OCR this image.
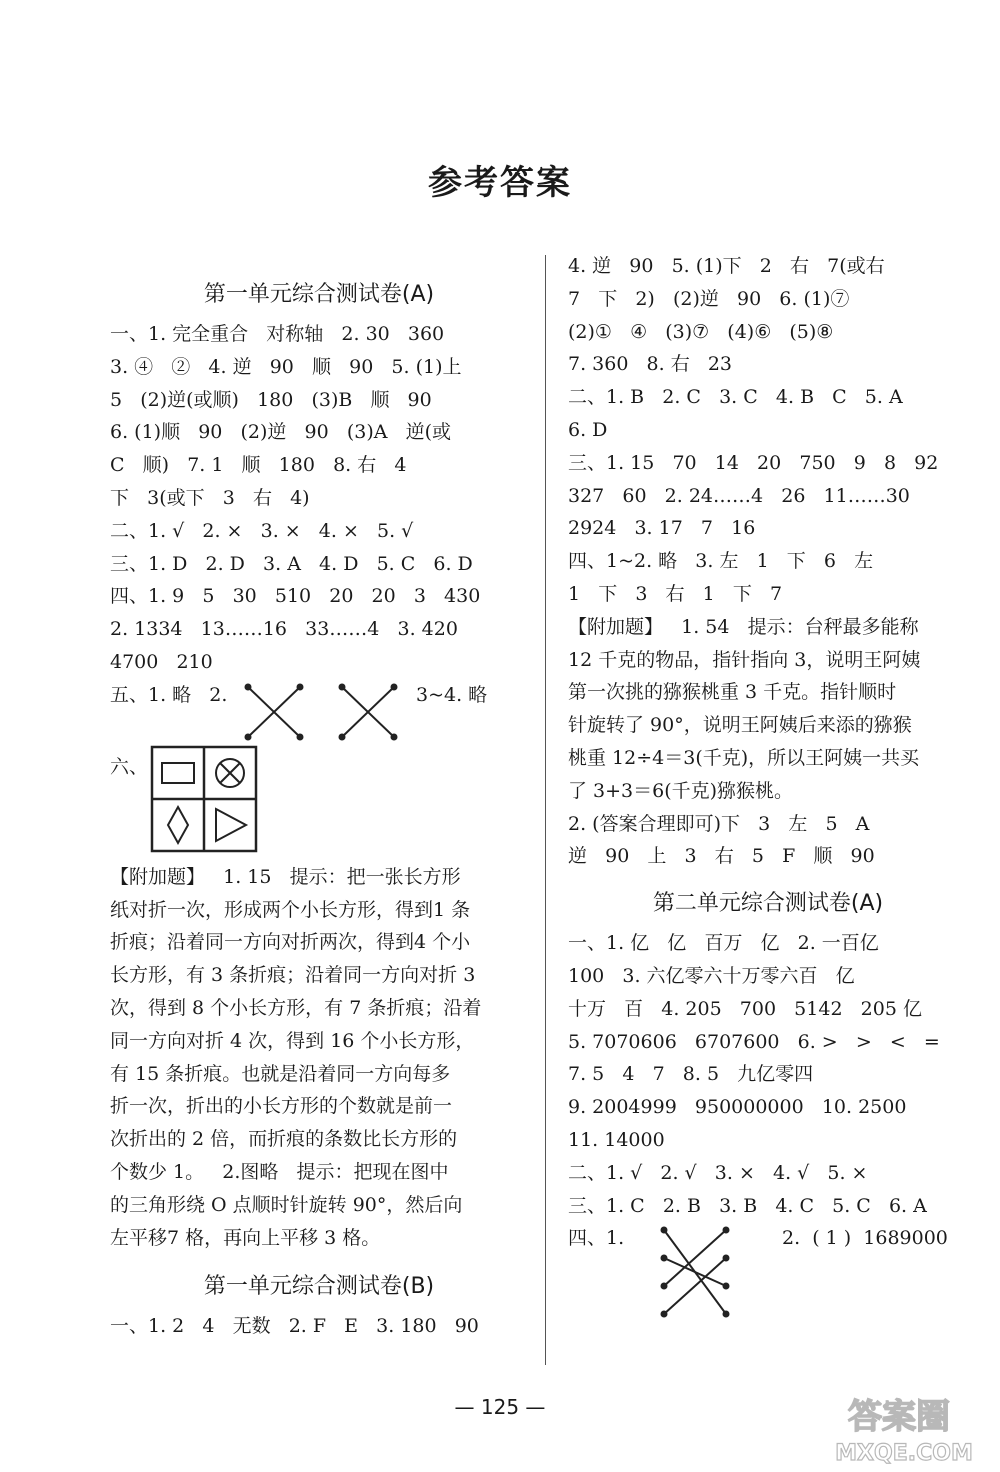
参考答案
第一单元综合测试卷(A)
一、1. 完全重合   对称轴   2. 30   360
3. ④   ②   4. 逆   90   顺   90   5. (1)上
5   (2)逆(或顺)   180   (3)B   顺   90
6. (1)顺   90   (2)逆   90   (3)A   逆(或
C   顺)   7. 1   顺   180   8. 右   4
下   3(或下   3   右   4)
二、1. √   2. ×   3. ×   4. ×   5. √
三、1. D   2. D   3. A   4. D   5. C   6. D
四、1. 9   5   30   510   20   20   3   430
2. 1334   13……16   33……4   3. 420
4700   210
五、1. 略   2.	3~4. 略
六、
【附加题】   1. 15   提示：把一张长方形
纸对折一次，形成两个小长方形，得到1 条
折痕；沿着同一方向对折两次，得到4 个小
长方形，有 3 条折痕；沿着同一方向对折 3
次，得到 8 个小长方形，有 7 条折痕；沿着
同一方向对折 4 次，得到 16 个小长方形，
有 15 条折痕。也就是沿着同一方向每多
折一次，折出的小长方形的个数就是前一
次折出的 2 倍，而折痕的条数比长方形的
个数少 1。   2.图略   提示：把现在图中
的三角形绕 O 点顺时针旋转 90°，然后向
左平移7 格，再向上平移 3 格。
第一单元综合测试卷(B)
一、1. 2   4   无数   2. F   E   3. 180   90
4. 逆   90   5. (1)下   2   右   7(或右
7   下   2)   (2)逆   90   6. (1)⑦
(2)①   ④   (3)⑦   (4)⑥   (5)⑧
7. 360   8. 右   23
二、1. B   2. C   3. C   4. B   C   5. A
6. D
三、1. 15   70   14   20   750   9   8   92
327   60   2. 24……4   26   11……30
2924   3. 17   7   16
四、1~2. 略   3. 左   1   下   6   左
1   下   3   右   1   下   7
【附加题】   1. 54   提示：台秤最多能称
12 千克的物品，指针指向 3，说明王阿姨
第一次挑的猕猴桃重 3 千克。指针顺时
针旋转了 90°，说明王阿姨后来添的猕猴
桃重 12÷4＝3(千克)，所以王阿姨一共买
了 3+3＝6(千克)猕猴桃。
2. (答案合理即可)下   3   左   5   A
逆   90   上   3   右   5   F   顺   90
第二单元综合测试卷(A)
一、1. 亿   亿   百万   亿   2. 一百亿
100   3. 六亿零六十万零六百   亿
十万   百   4. 205   700   5142   205 亿
5. 7070606   6707600   6. >   >   <   =
7. 5   4   7   8. 5   九亿零四
9. 2004999   950000000   10. 2500
11. 14000
二、1. √   2. √   3. ×   4. √   5. ×
三、1. C   2. B   3. B   4. C   5. C   6. A
四、1.	2.  ( 1 )  1689000
— 125 —	答案圈
MXQE.COM
